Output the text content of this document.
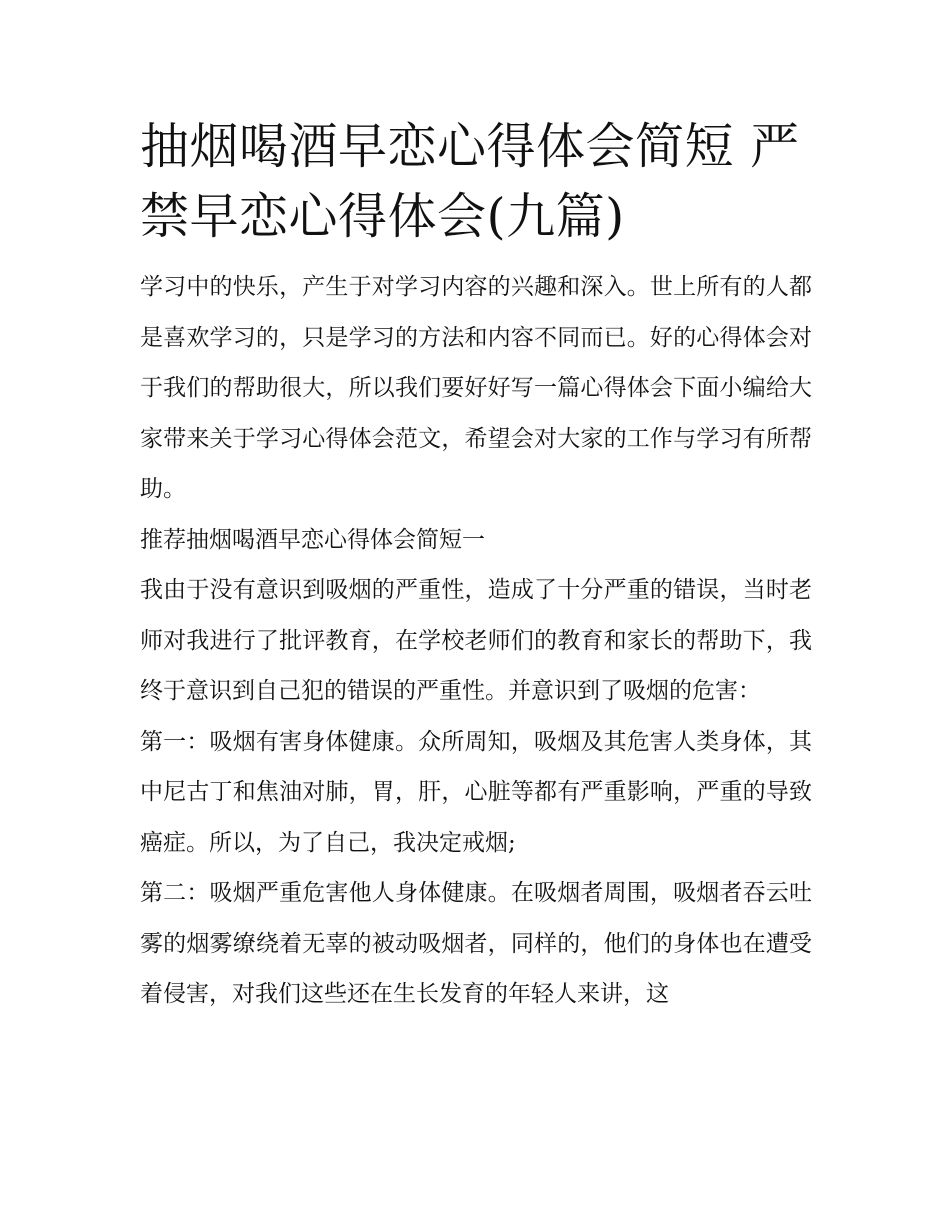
抽烟喝酒早恋心得体会简短 严禁早恋心得体会(九篇)

学习中的快乐，产生于对学习内容的兴趣和深入。世上所有的人都是喜欢学习的，只是学习的方法和内容不同而已。好的心得体会对于我们的帮助很大，所以我们要好好写一篇心得体会下面小编给大家带来关于学习心得体会范文，希望会对大家的工作与学习有所帮助。

推荐抽烟喝酒早恋心得体会简短一

我由于没有意识到吸烟的严重性，造成了十分严重的错误，当时老师对我进行了批评教育，在学校老师们的教育和家长的帮助下，我终于意识到自己犯的错误的严重性。并意识到了吸烟的危害：

第一：吸烟有害身体健康。众所周知，吸烟及其危害人类身体，其中尼古丁和焦油对肺，胃，肝，心脏等都有严重影响，严重的导致癌症。所以，为了自己，我决定戒烟;

第二：吸烟严重危害他人身体健康。在吸烟者周围，吸烟者吞云吐雾的烟雾缭绕着无辜的被动吸烟者，同样的，他们的身体也在遭受着侵害，对我们这些还在生长发育的年轻人来讲，这
